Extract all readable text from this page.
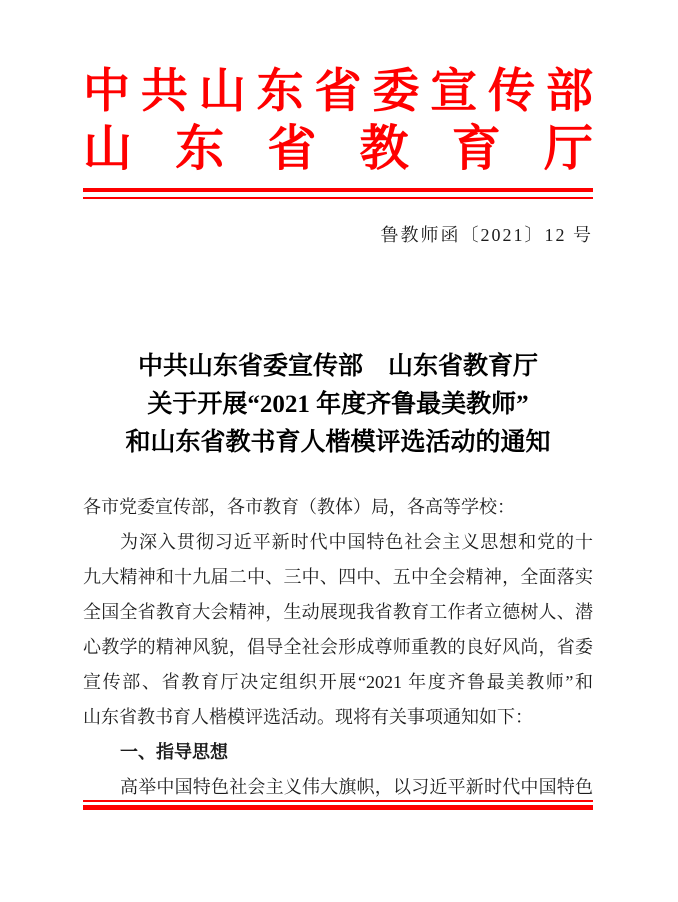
中共山东省委宣传部
山东省教育厅
鲁教师函〔2021〕12 号
中共山东省委宣传部　山东省教育厅
关于开展“2021 年度齐鲁最美教师”
和山东省教书育人楷模评选活动的通知
各市党委宣传部，各市教育（教体）局，各高等学校：
为深入贯彻习近平新时代中国特色社会主义思想和党的十
九大精神和十九届二中、三中、四中、五中全会精神，全面落实
全国全省教育大会精神，生动展现我省教育工作者立德树人、潜
心教学的精神风貌，倡导全社会形成尊师重教的良好风尚，省委
宣传部、省教育厅决定组织开展“2021 年度齐鲁最美教师”和
山东省教书育人楷模评选活动。现将有关事项通知如下：
一、指导思想
高举中国特色社会主义伟大旗帜，以习近平新时代中国特色
